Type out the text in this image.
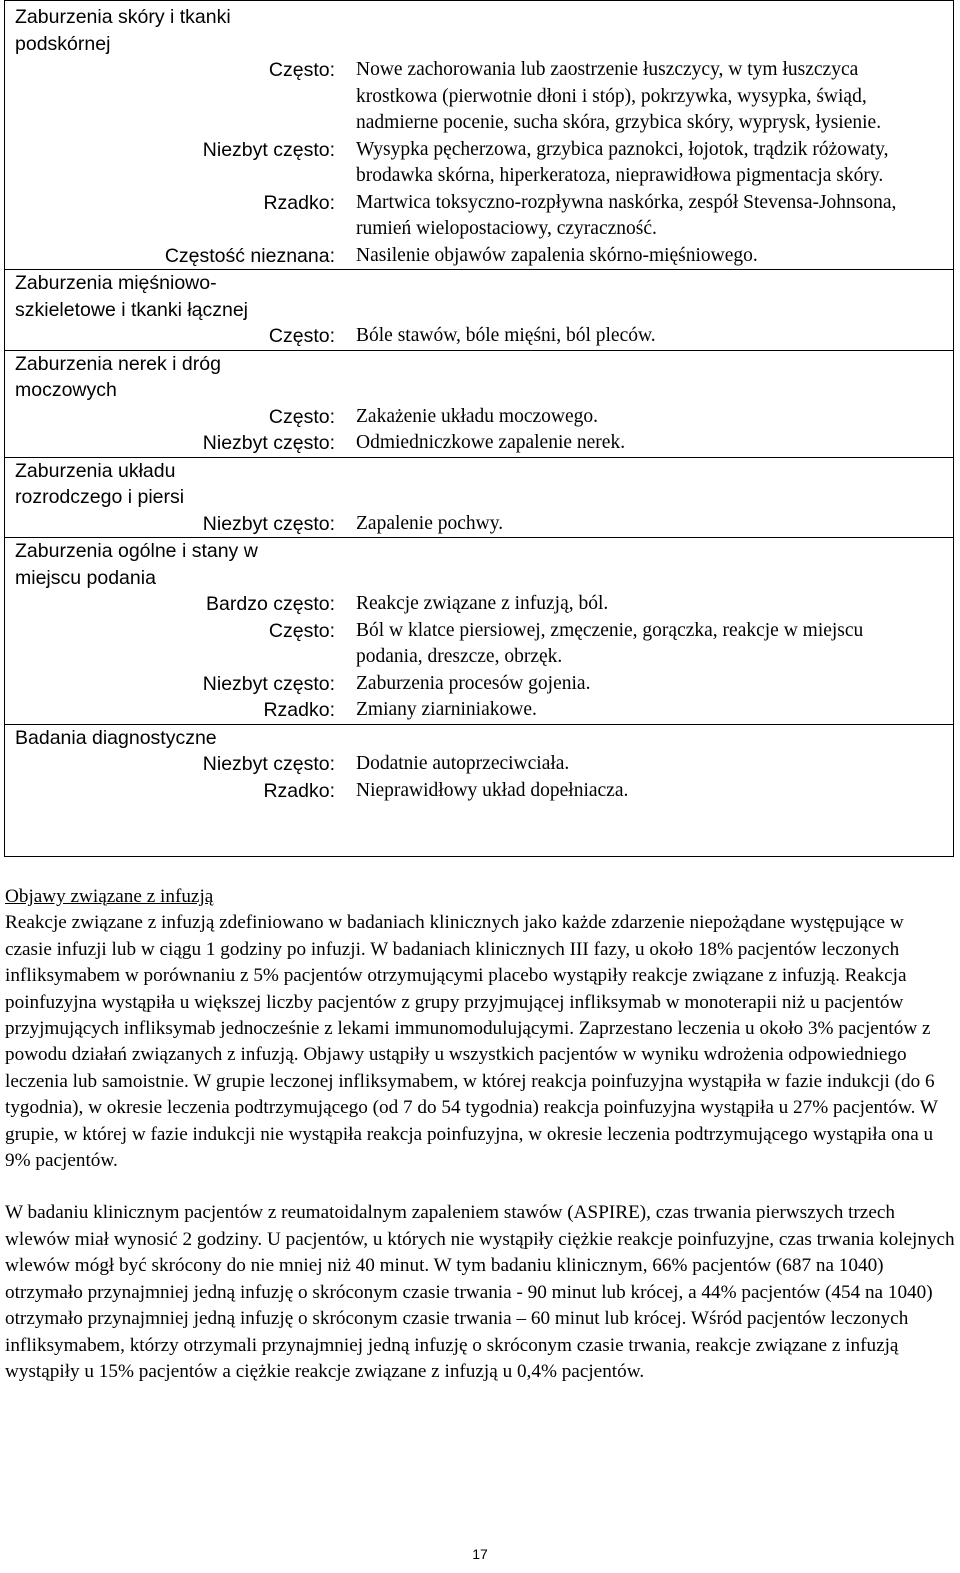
Zaburzenia skóry i tkanki podskórnej
Często: Nowe zachorowania lub zaostrzenie łuszczycy, w tym łuszczyca krostkowa (pierwotnie dłoni i stóp), pokrzywka, wysypka, świąd, nadmierne pocenie, sucha skóra, grzybica skóry, wyprysk, łysienie.
Niezbyt często: Wysypka pęcherzowa, grzybica paznokci, łojotok, trądzik różowaty, brodawka skórna, hiperkeratoza, nieprawidłowa pigmentacja skóry.
Rzadko: Martwica toksyczno-rozpływna naskórka, zespół Stevensa-Johnsona, rumień wielopostaciowy, czyraczność.
Częstość nieznana: Nasilenie objawów zapalenia skórno-mięśniowego.
Zaburzenia mięśniowo-szkieletowe i tkanki łącznej
Często: Bóle stawów, bóle mięśni, ból pleców.
Zaburzenia nerek i dróg moczowych
Często: Zakażenie układu moczowego.
Niezbyt często: Odmiedniczkowe zapalenie nerek.
Zaburzenia układu rozrodczego i piersi
Niezbyt często: Zapalenie pochwy.
Zaburzenia ogólne i stany w miejscu podania
Bardzo często: Reakcje związane z infuzją, ból.
Często: Ból w klatce piersiowej, zmęczenie, gorączka, reakcje w miejscu podania, dreszcze, obrzęk.
Niezbyt często: Zaburzenia procesów gojenia.
Rzadko: Zmiany ziarniniakowe.
Badania diagnostyczne
Niezbyt często: Dodatnie autoprzeciwciała.
Rzadko: Nieprawidłowy układ dopełniacza.
Objawy związane z infuzją
Reakcje związane z infuzją zdefiniowano w badaniach klinicznych jako każde zdarzenie niepożądane występujące w czasie infuzji lub w ciągu 1 godziny po infuzji. W badaniach klinicznych III fazy, u około 18% pacjentów leczonych infliksymabem w porównaniu z 5% pacjentów otrzymującymi placebo wystąpiły reakcje związane z infuzją. Reakcja poinfuzyjna wystąpiła u większej liczby pacjentów z grupy przyjmującej infliksymab w monoterapii niż u pacjentów przyjmujących infliksymab jednocześnie z lekami immunomodulującymi. Zaprzestano leczenia u około 3% pacjentów z powodu działań związanych z infuzją. Objawy ustąpiły u wszystkich pacjentów w wyniku wdrożenia odpowiedniego leczenia lub samoistnie. W grupie leczonej infliksymabem, w której reakcja poinfuzyjna wystąpiła w fazie indukcji (do 6 tygodnia), w okresie leczenia podtrzymującego (od 7 do 54 tygodnia) reakcja poinfuzyjna wystąpiła u 27% pacjentów. W grupie, w której w fazie indukcji nie wystąpiła reakcja poinfuzyjna, w okresie leczenia podtrzymującego wystąpiła ona u 9% pacjentów.
W badaniu klinicznym pacjentów z reumatoidalnym zapaleniem stawów (ASPIRE), czas trwania pierwszych trzech wlewów miał wynosić 2 godziny. U pacjentów, u których nie wystąpiły ciężkie reakcje poinfuzyjne, czas trwania kolejnych wlewów mógł być skrócony do nie mniej niż 40 minut. W tym badaniu klinicznym, 66% pacjentów (687 na 1040) otrzymało przynajmniej jedną infuzję o skróconym czasie trwania - 90 minut lub krócej, a 44% pacjentów (454 na 1040) otrzymało przynajmniej jedną infuzję o skróconym czasie trwania – 60 minut lub krócej. Wśród pacjentów leczonych infliksymabem, którzy otrzymali przynajmniej jedną infuzję o skróconym czasie trwania, reakcje związane z infuzją wystąpiły u 15% pacjentów a ciężkie reakcje związane z infuzją u 0,4% pacjentów.
17
